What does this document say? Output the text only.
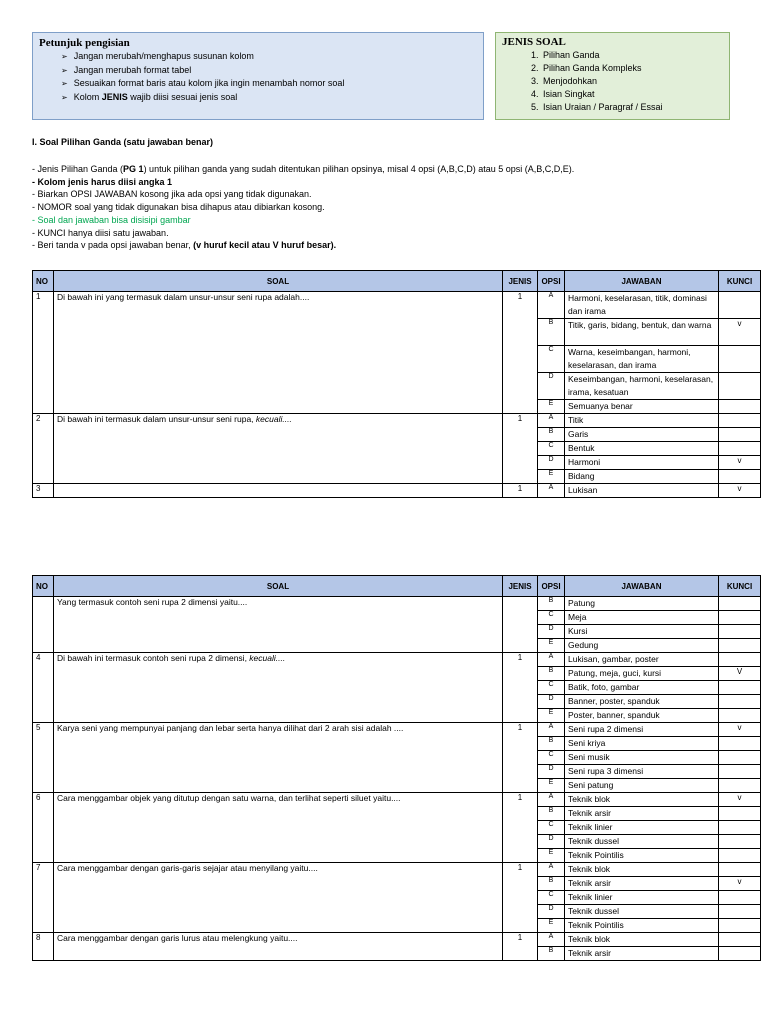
Petunjuk pengisian
➢ Jangan merubah/menghapus susunan kolom
➢ Jangan merubah format tabel
➢ Sesuaikan format baris atau kolom jika ingin menambah nomor soal
➢ Kolom JENIS wajib diisi sesuai jenis soal
JENIS SOAL
1. Pilihan Ganda
2. Pilihan Ganda Kompleks
3. Menjodohkan
4. Isian Singkat
5. Isian Uraian / Paragraf / Essai
I. Soal Pilihan Ganda (satu jawaban benar)
- Jenis Pilihan Ganda (PG 1) untuk pilihan ganda yang sudah ditentukan pilihan opsinya, misal 4 opsi (A,B,C,D) atau 5 opsi (A,B,C,D,E).
- Kolom jenis harus diisi angka 1
- Biarkan OPSI JAWABAN kosong jika ada opsi yang tidak digunakan.
- NOMOR soal yang tidak digunakan bisa dihapus atau dibiarkan kosong.
- Soal dan jawaban bisa disisipi gambar
- KUNCI hanya diisi satu jawaban.
- Beri tanda v pada opsi jawaban benar, (v huruf kecil atau V huruf besar).
NO	SOAL	JENIS	OPSI	JAWABAN	KUNCI
1	Di bawah ini yang termasuk dalam unsur-unsur seni rupa adalah....	1	A	Harmoni, keselarasan, titik, dominasi dan irama	
			B	Titik, garis, bidang, bentuk, dan warna	v
			C	Warna, keseimbangan, harmoni, keselarasan, dan irama	
			D	Keseimbangan, harmoni, keselarasan, irama, kesatuan	
			E	Semuanya benar	
2	Di bawah ini termasuk dalam unsur-unsur seni rupa, kecuali....	1	A	Titik	
			B	Garis	
			C	Bentuk	
			D	Harmoni	v
			E	Bidang	
3		1	A	Lukisan	v
NO	SOAL	JENIS	OPSI	JAWABAN	KUNCI
	Yang termasuk contoh seni rupa 2 dimensi yaitu....		B	Patung	
			C	Meja	
			D	Kursi	
			E	Gedung	
4	Di bawah ini termasuk contoh seni rupa 2 dimensi, kecuali....	1	A	Lukisan, gambar, poster	
			B	Patung, meja, guci, kursi	V
			C	Batik, foto, gambar	
			D	Banner, poster, spanduk	
			E	Poster, banner, spanduk	
5	Karya seni yang mempunyai panjang dan lebar serta hanya dilihat dari 2 arah sisi adalah ....	1	A	Seni rupa 2 dimensi	v
			B	Seni kriya	
			C	Seni musik	
			D	Seni rupa 3 dimensi	
			E	Seni patung	
6	Cara menggambar objek yang ditutup dengan satu warna, dan terlihat seperti siluet yaitu....	1	A	Teknik blok	v
			B	Teknik arsir	
			C	Teknik linier	
			D	Teknik dussel	
			E	Teknik Pointilis	
7	Cara menggambar dengan garis-garis sejajar atau menyilang yaitu....	1	A	Teknik blok	
			B	Teknik arsir	v
			C	Teknik linier	
			D	Teknik dussel	
			E	Teknik Pointilis	
8	Cara menggambar dengan garis lurus atau melengkung yaitu....	1	A	Teknik blok	
			B	Teknik arsir	
